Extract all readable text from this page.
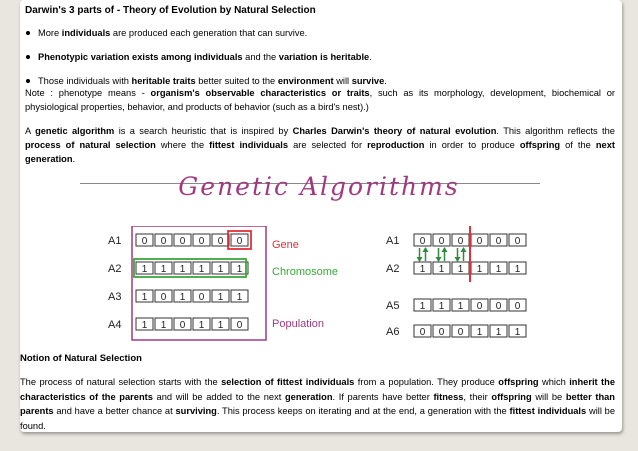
Darwin's 3 parts of - Theory of Evolution by Natural Selection
More individuals are produced each generation that can survive.
Phenotypic variation exists among individuals and the variation is heritable.
Those individuals with heritable traits better suited to the environment will survive.
Note : phenotype means - organism's observable characteristics or traits, such as its morphology, development, biochemical or physiological properties, behavior, and products of behavior (such as a bird's nest).)
A genetic algorithm is a search heuristic that is inspired by Charles Darwin's theory of natural evolution. This algorithm reflects the process of natural selection where the fittest individuals are selected for reproduction in order to produce offspring of the next generation.
Genetic Algorithms
A1 0 0 0 0 0 0
A2 1 1 1 1 1 1
A3 1 0 1 0 1 1
A4 1 1 0 1 1 0
Gene
Chromosome
Population
A1 0 0 0 0 0 0
A2 1 1 1 1 1 1
A5 1 1 1 0 0 0
A6 0 0 0 1 1 1
Notion of Natural Selection
The process of natural selection starts with the selection of fittest individuals from a population. They produce offspring which inherit the characteristics of the parents and will be added to the next generation. If parents have better fitness, their offspring will be better than parents and have a better chance at surviving. This process keeps on iterating and at the end, a generation with the fittest individuals will be found.
